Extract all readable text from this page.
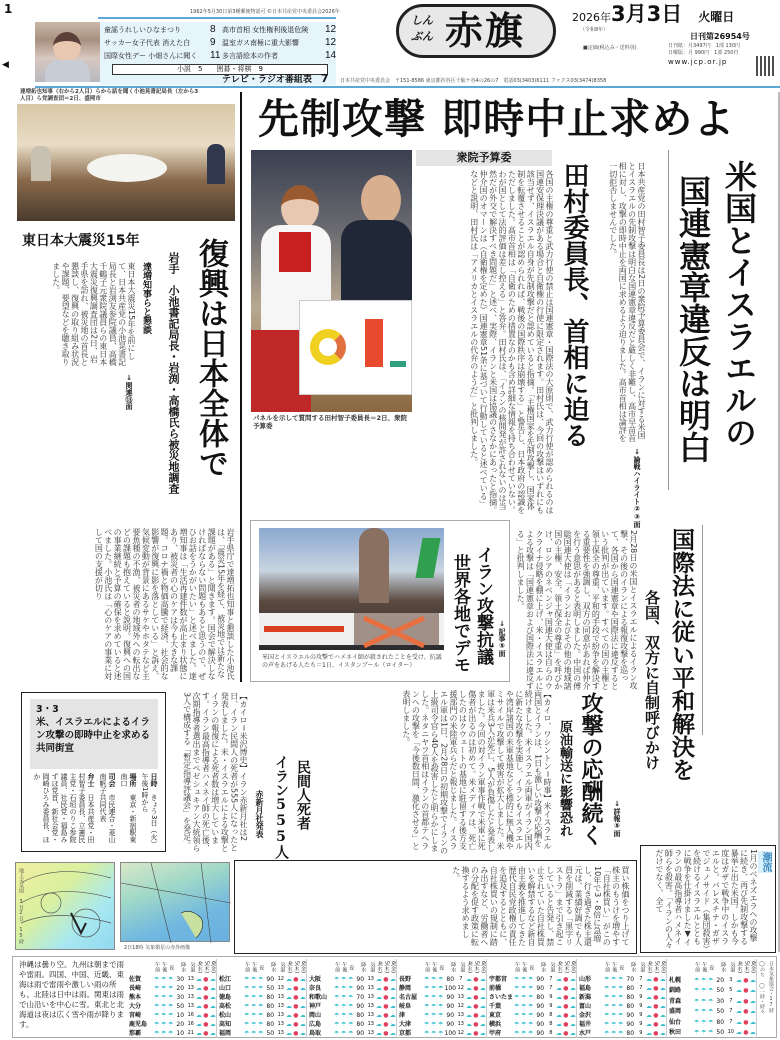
1	1962年5月30日第3種郵便物認可 ©日本共産党中央委員会2026年
童謡うれしいひなまつり	8
サッカー女子代表 消えた白	9
国際女性デー 小畑さんに聞く	11
高市首相 女性権利後退危険	12
温室ガス南極に重大影響	12
多言語絵本の作者	14
小説　5　　囲碁・将棋　9
◀
テレビ・ラジオ番組表　 7
しん
ぶん 赤旗	2026年3月3日　 火曜日
（令和8年）
日刊第26954号
■定価(税込み・送料別)	日刊紙：月3497円　1部 130円
日曜版：月 990円　1部 250円
www.jcp.or.jp
日本共産党中央委員会　〒151-8586 東京都渋谷区千駄ケ谷4の26の7　電話03(3403)6111 ファクス03(3474)8358
達増拓也知事（右から2人目）らから話を聞く小池晃書記局長（左から3人目）ら党調査団＝2日、盛岡市
東日本大震災15年 復興は日本全体で
岩手　小池書記局長・岩渕・高橋氏ら被災地調査
達増知事らと懇談
東日本大震災15年を前にして、日本共産党の小池晃書記局長と岩渕友参院議員、高橋千鶴子元衆院議員らの東日本大震災復興調査団は2日、岩手県を訪れ、被災地の首長と懇談し、復興の取り組み状況や課題、要望などを聴き取りました。
↓関連⑬面
岩手県庁で達増拓也知事と懇談した小池氏は、「震災15年を経て、被災地では新たな課題がある」と聞きます。国会で解決しなければならない問題もあると思うので、ぜひお話をうかがいたい」と述べました。達増知事は「生活再建件数が高止まり状態にあり、被災者の心のケアは今も大きな課題。コロナ禍と物価高騰で経済、社会的な影響が復興に影を落としている」と訴え、気候変動が背景にあるサケやホタテなど主要魚種の不漁、被災者の地域外への転出などの課題も抱えていると説明。復興への国の事業継続と予算の確保を求めていると述べました。小池氏は「心のケアの事業に対して国の支援が切り
3・3
米、イスラエルによるイラン攻撃の即時中止を求める共同街宣
日時　きょう3日（火）午後1時から
場所　東京・新宿駅東南口
司会　市民連合・菱山南帆子共同代表
弁士　日本共産党・田村智子委員長、立憲民主党・石垣のりこ参院議員、社民党・福島みずほ党首、新社会党・岡崎ひろみ委員長、ほか
地上天気図 3月2日 15時
2日18時 気象衛星の赤外画像
先制攻撃 即時中止求めよ
パネルを示して質問する田村智子委員長＝2日、衆院予算委
衆院予算委
各国の主権の尊重と武力行使の禁止は国連憲章・国際法の大原則で、武力行使が認められるのは国連安保理決議がある場合と自衛権の行使に限定されます。田村氏は、今回の攻撃はいずれにも該当せず、イスラエル自身が先制攻撃だと認めていると指摘。「主権国家を先制攻撃し、国家体制を転覆させることが認められれば、戦後の国際秩序は崩壊する」と警告し、日本政府の認識をただしました。高市首相は「自衛のための措置なのかも含め詳細な情報を持ち合わせていない。わが国として法的評価は差し控える」と答弁。田村氏は、「イランの核開発が許されないのは当然だが外交で解決すべき問題だ」と述べ、実際、イランと米国は協議のさなかにあったと指摘。仲介国のオマーンは（自衛権を定めた）国連憲章51条に基づいて行動していると述べている」などと説明、田村氏は「アメリカとイスラエルの代弁のようだ」と批判しました。	田村委員長、首相に迫る	日本共産党の田村智子委員長は2日の衆院予算委員会で、イランに対する米国とイスラエルの先制攻撃は明白な国連憲章違反だと厳しく非難し、高市早苗首相に対し、攻撃の即時中止を両国に求めるよう迫りました。高市首相は論評を一切拒否しませんでした。
↓論戦ハイライト②③面
米国とイスラエルの
国連憲章違反は明白
米国とイスラエルの攻撃でハメネイ師が殺されたことを受け、抗議の声をあげる人たち＝1日、イスタンブール（ロイター）
イラン攻撃抗議
世界各地でデモ	↓記事⑤面	2月28日の米国とイスラエルによるイラン攻撃、その後のイランによる報復攻撃を巡って、各国から国連憲章や国際法に違反するという批判が出ています。すべての国の主権と領土保全の尊重、平和的手段で紛争を解決する重要性を強調し、双方の同意があれば仲介を行う意思があると表明しました。中国の傅聡国連大使は「イランおよびその他の地域諸国の主権、安全、領土保全の尊重」を呼びかけ、ロシアのネベンジャ国連大使は自らのウクライナ侵略を棚に上げ、米・イスラエルによる攻撃は「国連憲章および国際法に違反する」と批判しました。	国際法に従い平和解決を
各国、双方に自制呼びかけ
攻撃の応酬続く
原油輸送に影響恐れ	↓詳報⑤面
【カイロ、ワシントン＝時事】米イスラエル両国とイランは、1日も激しい攻撃の応酬を続けました。米イスラエル両軍がイラン国内に新たな攻撃を実施し、イランもイスラエルや湾岸諸国の米軍基地などを標的に無人機やミサイルで攻撃して被害が拡大しました。米軍は米兵3人が死亡、5人が負傷したと発表しました。今回の対イラン軍事作戦で米軍に死傷者が出るのは初めて。米メディアは、死亡したのはクウェートの基地に駐留する後方支援部門の米陸軍兵らだと報じました。イスラエル軍は1日、2月28日の初期攻撃でイランの上級司令官ら40人を殺害したと明らかにしました。ネタニヤフ首相はイランの首都テヘランへの攻撃を「今後数日間、激化させる」と表明しました。
【カイロ＝米沢博史】イラン赤新月社は2日、イラン民間人の死者が555人になったと発表しました。米・イスラエルによる攻撃とイランの報復による死者数は増大しています。イラン最高指導者ハメネイ師の死亡後、次期指導者選出までペゼシュキアン大統領ら3人で構成する「暫定指導評議会」を発足。	民間人死者
イラン555人
赤新月社発表
買い株価をつり上げて株主のもうけを増やす「自社株買い」がこの10年で3・8倍に急増し、行き過ぎた株主還元は、業績好調でも人員を削減する「黒字リストラ」まで引き起こしていると告発し、禁止されていた自社株買いを解禁するなど新自由主義を推進してきた歴代自民党政権の責任を追及するとともに、自社株買いの規制に踏み出すなど、労働者への分配を促す政策に転換するよう求めました。
潮流
1月のベネズエラへの攻撃に続き、再び先制攻撃する暴挙に出た米国。しかも今度はガザで戦争中のイスラエルと。パレスチナ・ガザでジェノサイド（集団殺害）を続けるイスラエルとともに戦争を仕掛けました▼イランの最高指導者ハメネイ師らを殺害。「イランの人々だけでなく、全て
沖縄は曇り空。九州は朝まで雨や雷雨。四国、中国、近畿、東海は雨で雷雨や激しい雨の所も。北陸は日中は雨。関東は雨で山沿いを中心に雪。東北と北海道は夜は広く雪や雨が降ります。
	午前	午後	夜	降水	気温	4(水)	5(木)	6(金)
佐賀	☂	☂	☂	30	13	☁	●	☁
長崎	☂	☂	☂	20	13	☁	●	☁
熊本	☂	☂	☂	30	13	☁	●	☁
大分	☂	☂	☂	50	13	☁	●	☁
宮崎	☂	☂	☂	10	16	☁	●	☁
鹿児島	☂	☂	☂	20	16	☁	●	☁
那覇	☂	☂	☂	10	21	☁	●	☁
	午前	午後	夜	降水	気温	4(水)	5(木)	6(金)
松江	☂	☂	☂	90	12	☁	●	☁
山口	☂	☂	☂	50	13	☁	●	☁
徳島	☂	☂	☂	80	13	☁	●	☁
高松	☂	☂	☂	80	13	☁	●	☁
松山	☂	☂	☂	80	13	☁	●	☁
高知	☂	☂	☂	80	13	☁	●	☁
福岡	☂	☂	☂	50	13	☁	●	☁
	午前	午後	夜	降水	気温	4(水)	5(木)	6(金)
大阪	☂	☂	☂	90	13	☁	●	☁
奈良	☂	☂	☂	90	13	☁	●	☁
和歌山	☂	☂	☂	70	13	☁	●	☁
神戸	☂	☂	☂	90	13	☁	●	☁
岡山	☂	☂	☂	80	13	☁	●	☁
広島	☂	☂	☂	80	13	☁	●	☁
鳥取	☂	☂	☂	90	13	☁	●	☁
	午前	午後	夜	降水	気温	4(水)	5(木)	6(金)
長野	☂	☂	☂	80	7	☁	●	☁
静岡	☂	☂	☂	100	12	☁	●	☁
名古屋	☂	☂	☂	90	13	☁	●	☁
岐阜	☂	☂	☂	90	12	☁	●	☁
津	☂	☂	☂	90	13	☁	●	☁
大津	☂	☂	☂	90	13	☁	●	☁
京都	☂	☂	☂	100	12	☁	●	☁
	午前	午後	夜	降水	気温	4(水)	5(木)	6(金)
宇都宮	☂	☂	☂	90	7	☁	●	☁
前橋	☂	☂	☂	90	7	☁	●	☁
さいたま	☂	☂	☂	80	9	☁	●	☁
千葉	☂	☂	☂	90	9	☁	●	☁
東京	☂	☂	☂	90	8	☁	●	☁
横浜	☂	☂	☂	90	8	☁	●	☁
甲府	☂	☂	☂	90	8	☁	●	☁
	午前	午後	夜	降水	気温	4(水)	5(木)	6(金)
山形	☂	☂	☂	70	7	☁	●	☁
福島	☂	☂	☂	80	7	☁	●	☁
新潟	☂	☂	☂	80	9	☁	●	☁
富山	☂	☂	☂	80	9	☁	●	☁
金沢	☂	☂	☂	90	9	☁	●	☁
福井	☂	☂	☂	90	9	☁	●	☁
水戸	☂	☂	☂	80	9	☁	●	☁
	午前	午後	夜	降水	気温	4(水)	5(木)	6(金)
札幌	☂	☂	☂	20	3	☁	●	☁
釧路	☂	☂	☂	50	5	☁	●	☁
青森	☂	☂	☂	30	7	☁	●	☁
盛岡	☂	☂	☂	50	7	☁	●	☁
仙台	☂	☂	☂	80	7	☁	●	☁
秋田	☂	☂	☂	50	10	☁	●	☁
◯のち ◯一時・時々 日本気象協会・17時
